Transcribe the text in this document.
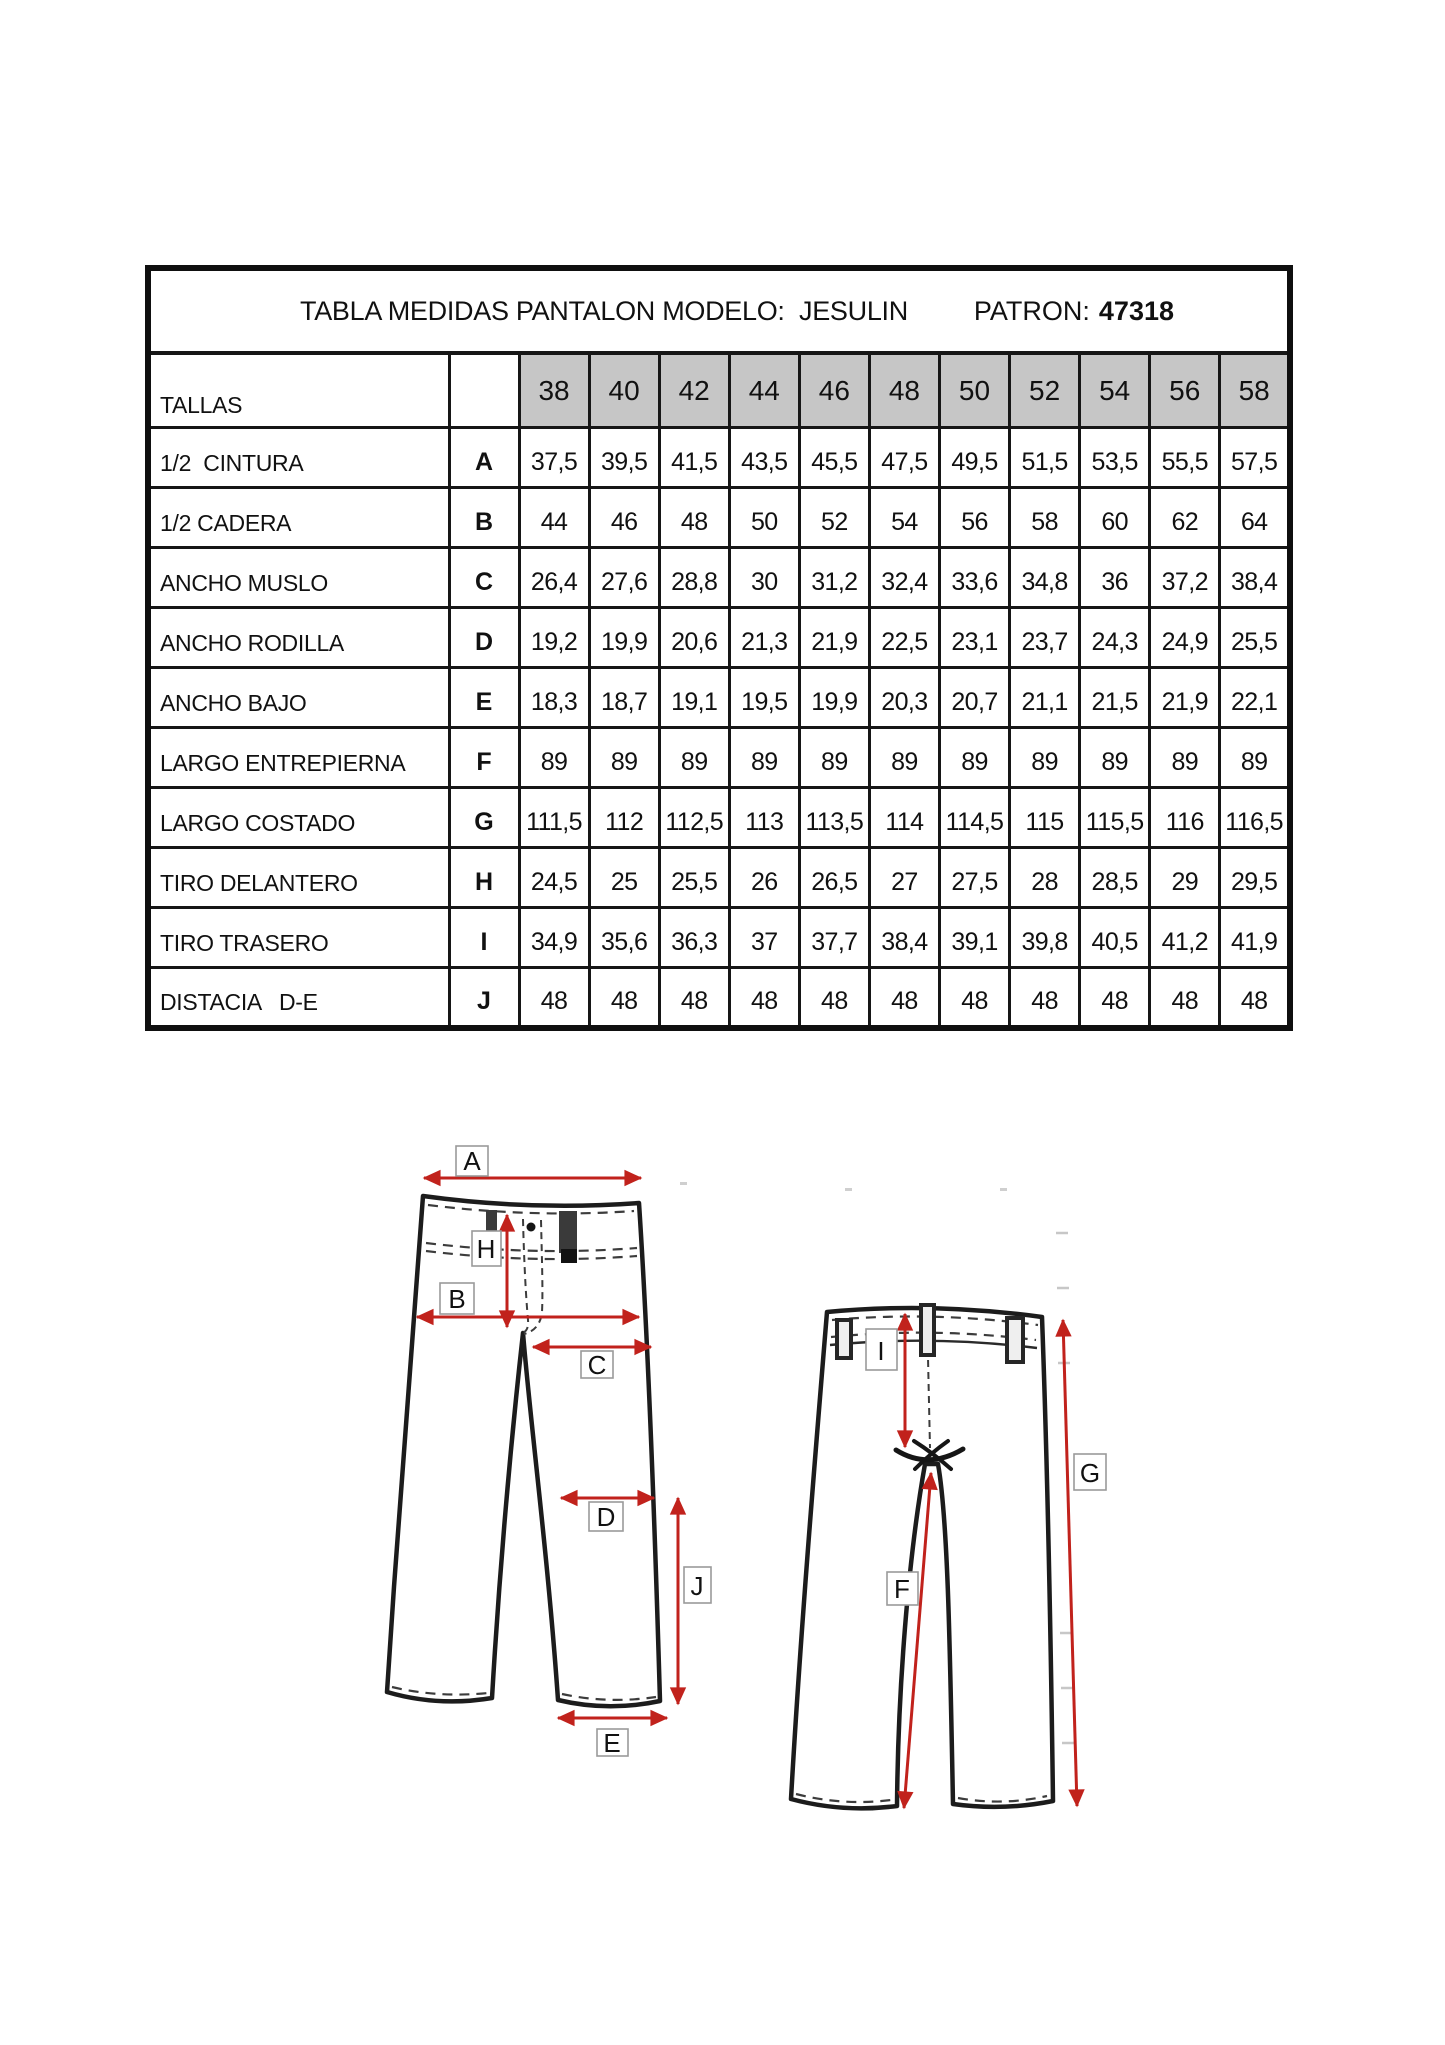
TABLA MEDIDAS PANTALON MODELO:  JESULIN PATRON: 47318												

TALLAS		38	40	42	44	46	48	50	52	54	56	58
1/2  CINTURA	A	37,5	39,5	41,5	43,5	45,5	47,5	49,5	51,5	53,5	55,5	57,5
1/2 CADERA	B	44	46	48	50	52	54	56	58	60	62	64
ANCHO MUSLO	C	26,4	27,6	28,8	30	31,2	32,4	33,6	34,8	36	37,2	38,4
ANCHO RODILLA	D	19,2	19,9	20,6	21,3	21,9	22,5	23,1	23,7	24,3	24,9	25,5
ANCHO BAJO	E	18,3	18,7	19,1	19,5	19,9	20,3	20,7	21,1	21,5	21,9	22,1
LARGO ENTREPIERNA	F	89	89	89	89	89	89	89	89	89	89	89
LARGO COSTADO	G	111,5	112	112,5	113	113,5	114	114,5	115	115,5	116	116,5
TIRO DELANTERO	H	24,5	25	25,5	26	26,5	27	27,5	28	28,5	29	29,5
TIRO TRASERO	I	34,9	35,6	36,3	37	37,7	38,4	39,1	39,8	40,5	41,2	41,9
DISTACIA   D-E	J	48	48	48	48	48	48	48	48	48	48	48
A
H
B
C
D
J
E
I
G
F
